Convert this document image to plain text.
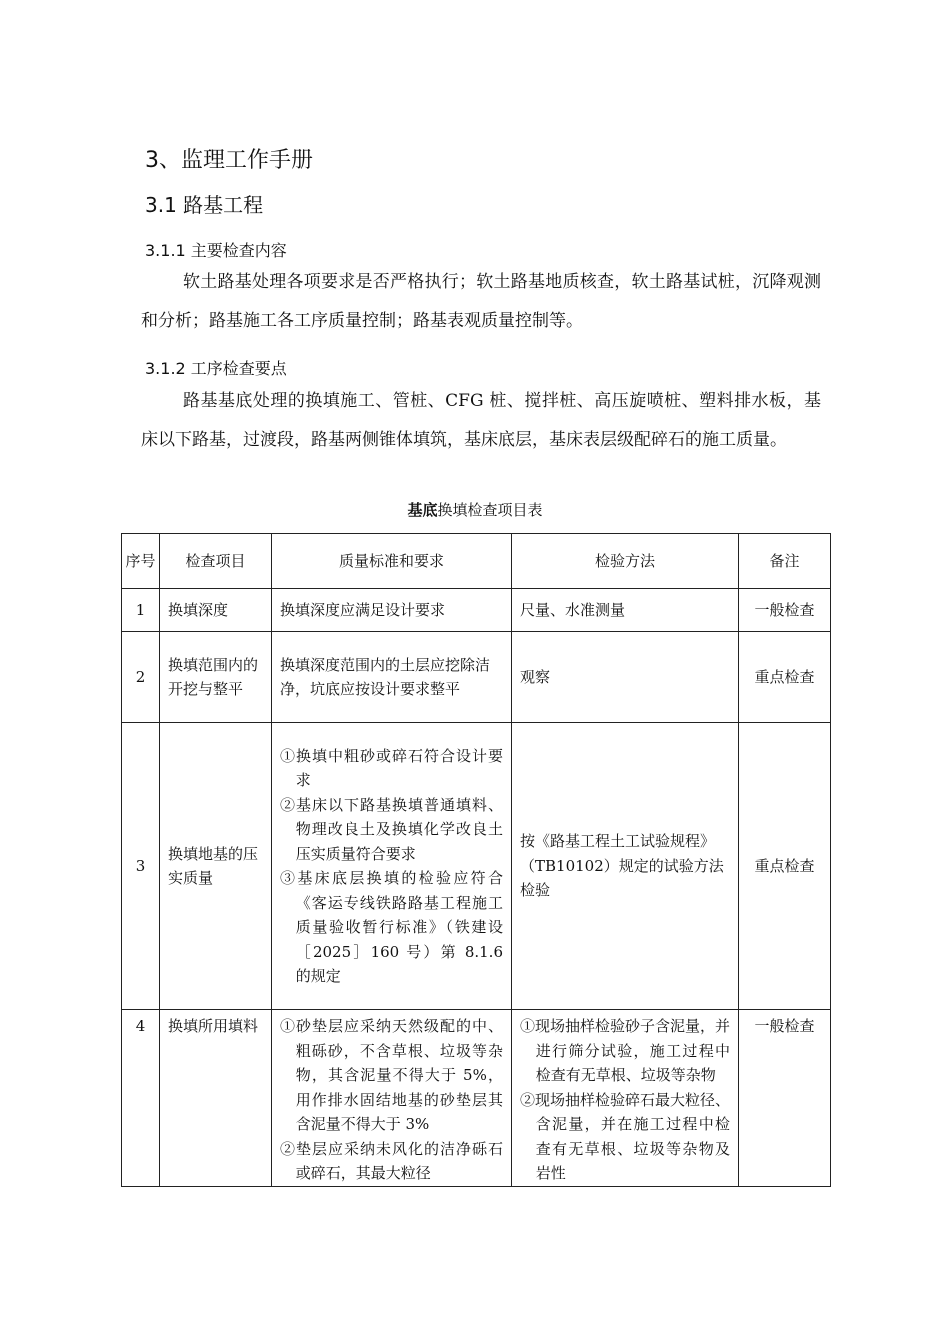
3、监理工作手册
3.1 路基工程
3.1.1 主要检查内容
软土路基处理各项要求是否严格执行；软土路基地质核查，软土路基试桩，沉降观测和分析；路基施工各工序质量控制；路基表观质量控制等。
3.1.2 工序检查要点
路基基底处理的换填施工、管桩、CFG 桩、搅拌桩、高压旋喷桩、塑料排水板，基床以下路基，过渡段，路基两侧锥体填筑，基床底层，基床表层级配碎石的施工质量。
基底换填检查项目表
序号	检查项目	质量标准和要求	检验方法	备注
1	换填深度	换填深度应满足设计要求	尺量、水准测量	一般检查
2	换填范围内的开挖与整平	换填深度范围内的土层应挖除洁净，坑底应按设计要求整平	观察	重点检查
3	换填地基的压实质量	①换填中粗砂或碎石符合设计要求
②基床以下路基换填普通填料、物理改良土及换填化学改良土压实质量符合要求
③基床底层换填的检验应符合《客运专线铁路路基工程施工质量验收暂行标准》（铁建设［2025］160 号）第 8.1.6 的规定	按《路基工程土工试验规程》（TB10102）规定的试验方法检验	重点检查
4	换填所用填料	①砂垫层应采纳天然级配的中、粗砾砂，不含草根、垃圾等杂物，其含泥量不得大于 5%，用作排水固结地基的砂垫层其含泥量不得大于 3%
②垫层应采纳未风化的洁净砾石或碎石，其最大粒径	①现场抽样检验砂子含泥量，并进行筛分试验，施工过程中检查有无草根、垃圾等杂物
②现场抽样检验碎石最大粒径、含泥量，并在施工过程中检查有无草根、垃圾等杂物及岩性	一般检查
